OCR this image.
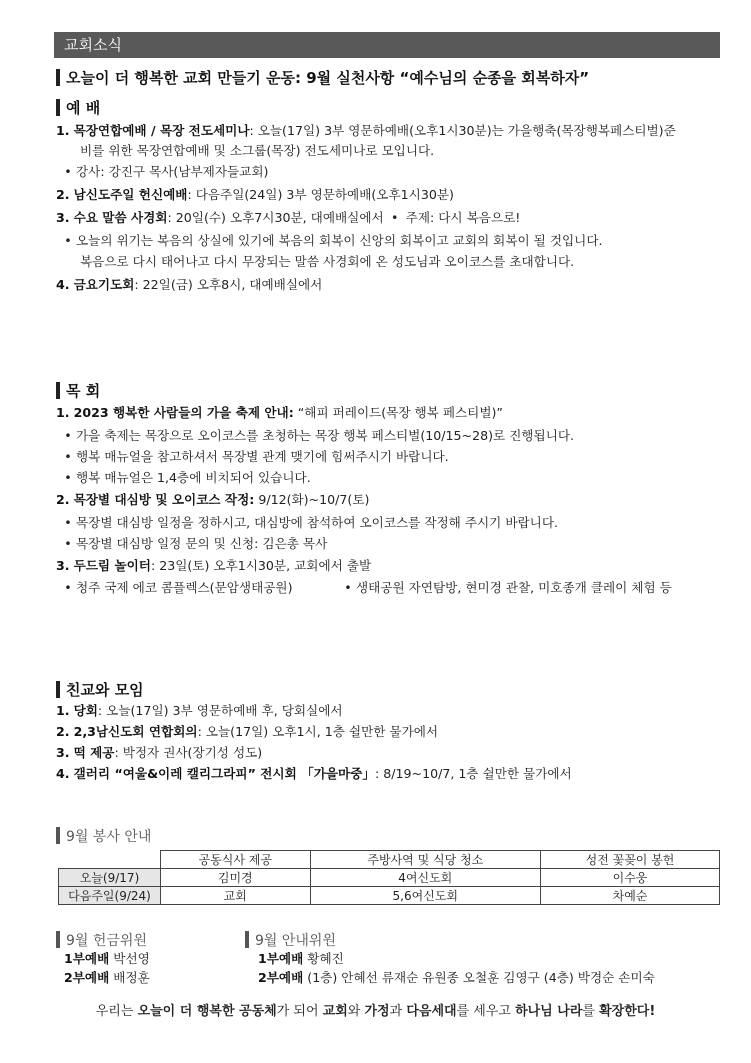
교회소식
오늘이 더 행복한 교회 만들기 운동: 9월 실천사항 “예수님의 순종을 회복하자”
예 배
1. 목장연합예배 / 목장 전도세미나: 오늘(17일) 3부 영문하예배(오후1시30분)는 가을행축(목장행복페스티벌)준
비를 위한 목장연합예배 및 소그룹(목장) 전도세미나로 모입니다.
• 강사: 강진구 목사(남부제자들교회)
2. 남신도주일 헌신예배: 다음주일(24일) 3부 영문하예배(오후1시30분)
3. 수요 말씀 사경회: 20일(수) 오후7시30분, 대예배실에서 • 주제: 다시 복음으로!
• 오늘의 위기는 복음의 상실에 있기에 복음의 회복이 신앙의 회복이고 교회의 회복이 될 것입니다.
복음으로 다시 태어나고 다시 무장되는 말씀 사경회에 온 성도님과 오이코스를 초대합니다.
4. 금요기도회: 22일(금) 오후8시, 대예배실에서
목 회
1. 2023 행복한 사람들의 가을 축제 안내: “해피 퍼레이드(목장 행복 페스티벌)”
• 가을 축제는 목장으로 오이코스를 초청하는 목장 행복 페스티벌(10/15~28)로 진행됩니다.
• 행복 매뉴얼을 참고하셔서 목장별 관계 맺기에 힘써주시기 바랍니다.
• 행복 매뉴얼은 1,4층에 비치되어 있습니다.
2. 목장별 대심방 및 오이코스 작정: 9/12(화)~10/7(토)
• 목장별 대심방 일정을 정하시고, 대심방에 참석하여 오이코스를 작정해 주시기 바랍니다.
• 목장별 대심방 일정 문의 및 신청: 김은총 목사
3. 두드림 놀이터: 23일(토) 오후1시30분, 교회에서 출발
• 청주 국제 에코 콤플렉스(문암생태공원)	• 생태공원 자연탐방, 현미경 관찰, 미호종개 클레이 체험 등
친교와 모임
1. 당회: 오늘(17일) 3부 영문하예배 후, 당회실에서
2. 2,3남신도회 연합회의: 오늘(17일) 오후1시, 1층 쉴만한 물가에서
3. 떡 제공: 박정자 권사(장기성 성도)
4. 갤러리 “여울&이레 캘리그라피” 전시회 「가을마중」: 8/19~10/7, 1층 쉴만한 물가에서
9월 봉사 안내
	공동식사 제공	주방사역 및 식당 청소	성전 꽃꽂이 봉헌
오늘(9/17)	김미경	4여신도회	이수웅
다음주일(9/24)	교회	5,6여신도회	차예순
9월 헌금위원
1부예배 박선영
2부예배 배정훈
9월 안내위원
1부예배 황혜진
2부예배 (1층) 안혜선 류재순 유원종 오철훈 김영구 (4층) 박경순 손미숙
우리는 오늘이 더 행복한 공동체가 되어 교회와 가정과 다음세대를 세우고 하나님 나라를 확장한다!
